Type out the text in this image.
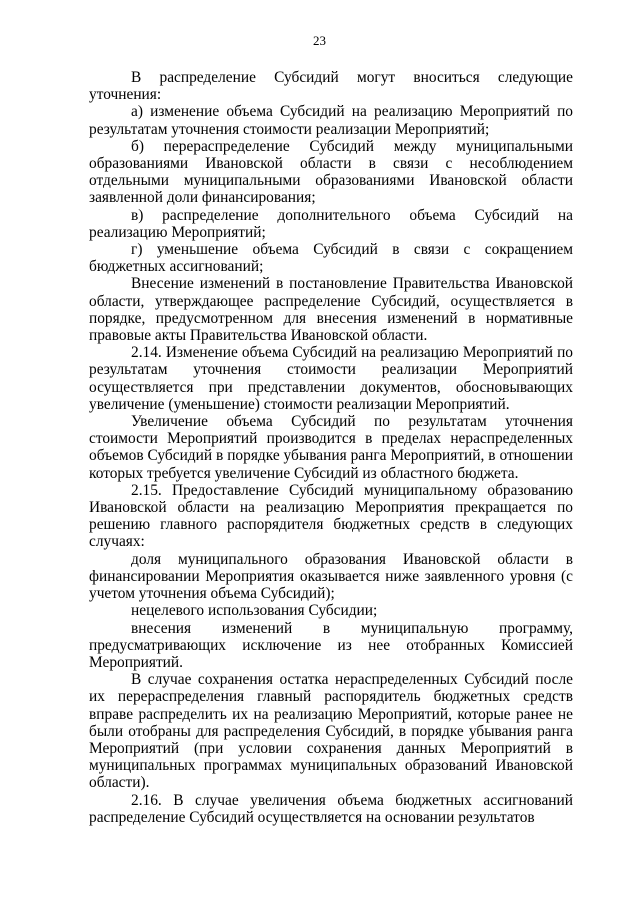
23

В распределение Субсидий могут вноситься следующие уточнения:

а) изменение объема Субсидий на реализацию Мероприятий по результатам уточнения стоимости реализации Мероприятий;

б) перераспределение Субсидий между муниципальными образованиями Ивановской области в связи с несоблюдением отдельными муниципальными образованиями Ивановской области заявленной доли финансирования;

в) распределение дополнительного объема Субсидий на реализацию Мероприятий;

г) уменьшение объема Субсидий в связи с сокращением бюджетных ассигнований;

Внесение изменений в постановление Правительства Ивановской области, утверждающее распределение Субсидий, осуществляется в порядке, предусмотренном для внесения изменений в нормативные правовые акты Правительства Ивановской области.

2.14. Изменение объема Субсидий на реализацию Мероприятий по результатам уточнения стоимости реализации Мероприятий осуществляется при представлении документов, обосновывающих увеличение (уменьшение) стоимости реализации Мероприятий.

Увеличение объема Субсидий по результатам уточнения стоимости Мероприятий производится в пределах нераспределенных объемов Субсидий в порядке убывания ранга Мероприятий, в отношении которых требуется увеличение Субсидий из областного бюджета.

2.15. Предоставление Субсидий муниципальному образованию Ивановской области на реализацию Мероприятия прекращается по решению главного распорядителя бюджетных средств в следующих случаях:

доля муниципального образования Ивановской области в финансировании Мероприятия оказывается ниже заявленного уровня (с учетом уточнения объема Субсидий);

нецелевого использования Субсидии;

внесения изменений в муниципальную программу, предусматривающих исключение из нее отобранных Комиссией Мероприятий.

В случае сохранения остатка нераспределенных Субсидий после их перераспределения главный распорядитель бюджетных средств вправе распределить их на реализацию Мероприятий, которые ранее не были отобраны для распределения Субсидий, в порядке убывания ранга Мероприятий (при условии сохранения данных Мероприятий в муниципальных программах муниципальных образований Ивановской области).

2.16. В случае увеличения объема бюджетных ассигнований распределение Субсидий осуществляется на основании результатов
